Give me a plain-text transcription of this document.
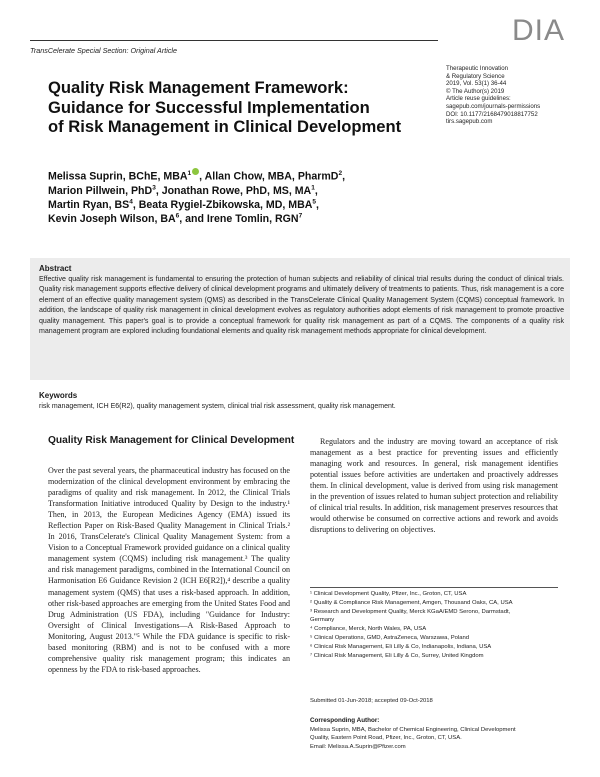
DIA
TransCelerate Special Section: Original Article
Therapeutic Innovation
& Regulatory Science
2019, Vol. 53(1) 36-44
© The Author(s) 2019
Article reuse guidelines:
sagepub.com/journals-permissions
DOI: 10.1177/2168479018817752
tirs.sagepub.com
Quality Risk Management Framework:
Guidance for Successful Implementation
of Risk Management in Clinical Development
Melissa Suprin, BChE, MBA$^1$ , Allan Chow, MBA, PharmD$^2$,
Marion Pillwein, PhD$^3$, Jonathan Rowe, PhD, MS, $MA^1$,
Martin Ryan, $BS^4$, Beata Rygiel-Zbikowska, MD, MBA$^5$,
Kevin Joseph Wilson, $BA^6$, and Irene Tomlin, RGN$^7$
Abstract
Effective quality risk management is fundamental to ensuring the protection of human subjects and reliability of clinical trial results during the conduct of clinical trials. Quality risk management supports effective delivery of clinical development programs and ultimately delivery of treatments to patients. Thus, risk management is a core element of an effective quality management system (QMS) as described in the TransCelerate Clinical Quality Management System (CQMS) conceptual framework. In addition, the landscape of quality risk management in clinical development evolves as regulatory authorities adopt elements of risk management to promote proactive quality management. This paper's goal is to provide a conceptual framework for quality risk management as part of a CQMS. The components of a quality risk management program are explored including foundational elements and quality risk management methods appropriate for clinical development.
Keywords
risk management, ICH E6(R2), quality management system, clinical trial risk assessment, quality risk management.
Quality Risk Management for Clinical Development

Over the past several years, the pharmaceutical industry has focused on the modernization of the clinical development environment by embracing the paradigms of quality and risk management. In 2012, the Clinical Trials Transformation Initiative introduced Quality by Design to the industry.¹ Then, in 2013, the European Medicines Agency (EMA) issued its Reflection Paper on Risk-Based Quality Management in Clinical Trials.² In 2016, TransCelerate's Clinical Quality Management System: from a Vision to a Conceptual Framework provided guidance on a clinical quality management system (CQMS) including risk management.³ The quality and risk management paradigms, combined in the International Council on Harmonisation E6 Guidance Revision 2 (ICH E6[R2]),⁴ describe a quality management system (QMS) that uses a risk-based approach. In addition, other risk-based approaches are emerging from the United States Food and Drug Administration (US FDA), including "Guidance for Industry: Oversight of Clinical Investigations—A Risk-Based Approach to Monitoring, August 2013."⁵ While the FDA guidance is specific to risk-based monitoring (RBM) and is not to be confused with a more comprehensive quality risk management program; this indicates an openness by the FDA to risk-based approaches.

Regulators and the industry are moving toward an acceptance of risk management as a best practice for preventing issues and efficiently managing work and resources. In general, risk management identifies potential issues before activities are undertaken and proactively addresses them. In clinical development, value is derived from using risk management in the prevention of issues related to human subject protection and reliability of clinical trial results. In addition, risk management preserves resources that would otherwise be consumed on corrective actions and rework and avoids disruptions to delivering on objectives.

¹ Clinical Development Quality, Pfizer, Inc., Groton, CT, USA
² Quality & Compliance Risk Management, Amgen, Thousand Oaks, CA, USA
³ Research and Development Quality, Merck KGaA/EMD Serono, Darmstadt,
Germany
⁴ Compliance, Merck, North Wales, PA, USA
⁵ Clinical Operations, GMD, AstraZeneca, Warszawa, Poland
⁶ Clinical Risk Management, Eli Lilly & Co, Indianapolis, Indiana, USA
⁷ Clinical Risk Management, Eli Lilly & Co, Surrey, United Kingdom
Submitted 01-Jun-2018; accepted 09-Oct-2018
Corresponding Author:
Melissa Suprin, MBA, Bachelor of Chemical Engineering, Clinical Development
Quality, Eastern Point Road, Pfizer, Inc., Groton, CT, USA.
Email: Melissa.A.Suprin@Pfizer.com
